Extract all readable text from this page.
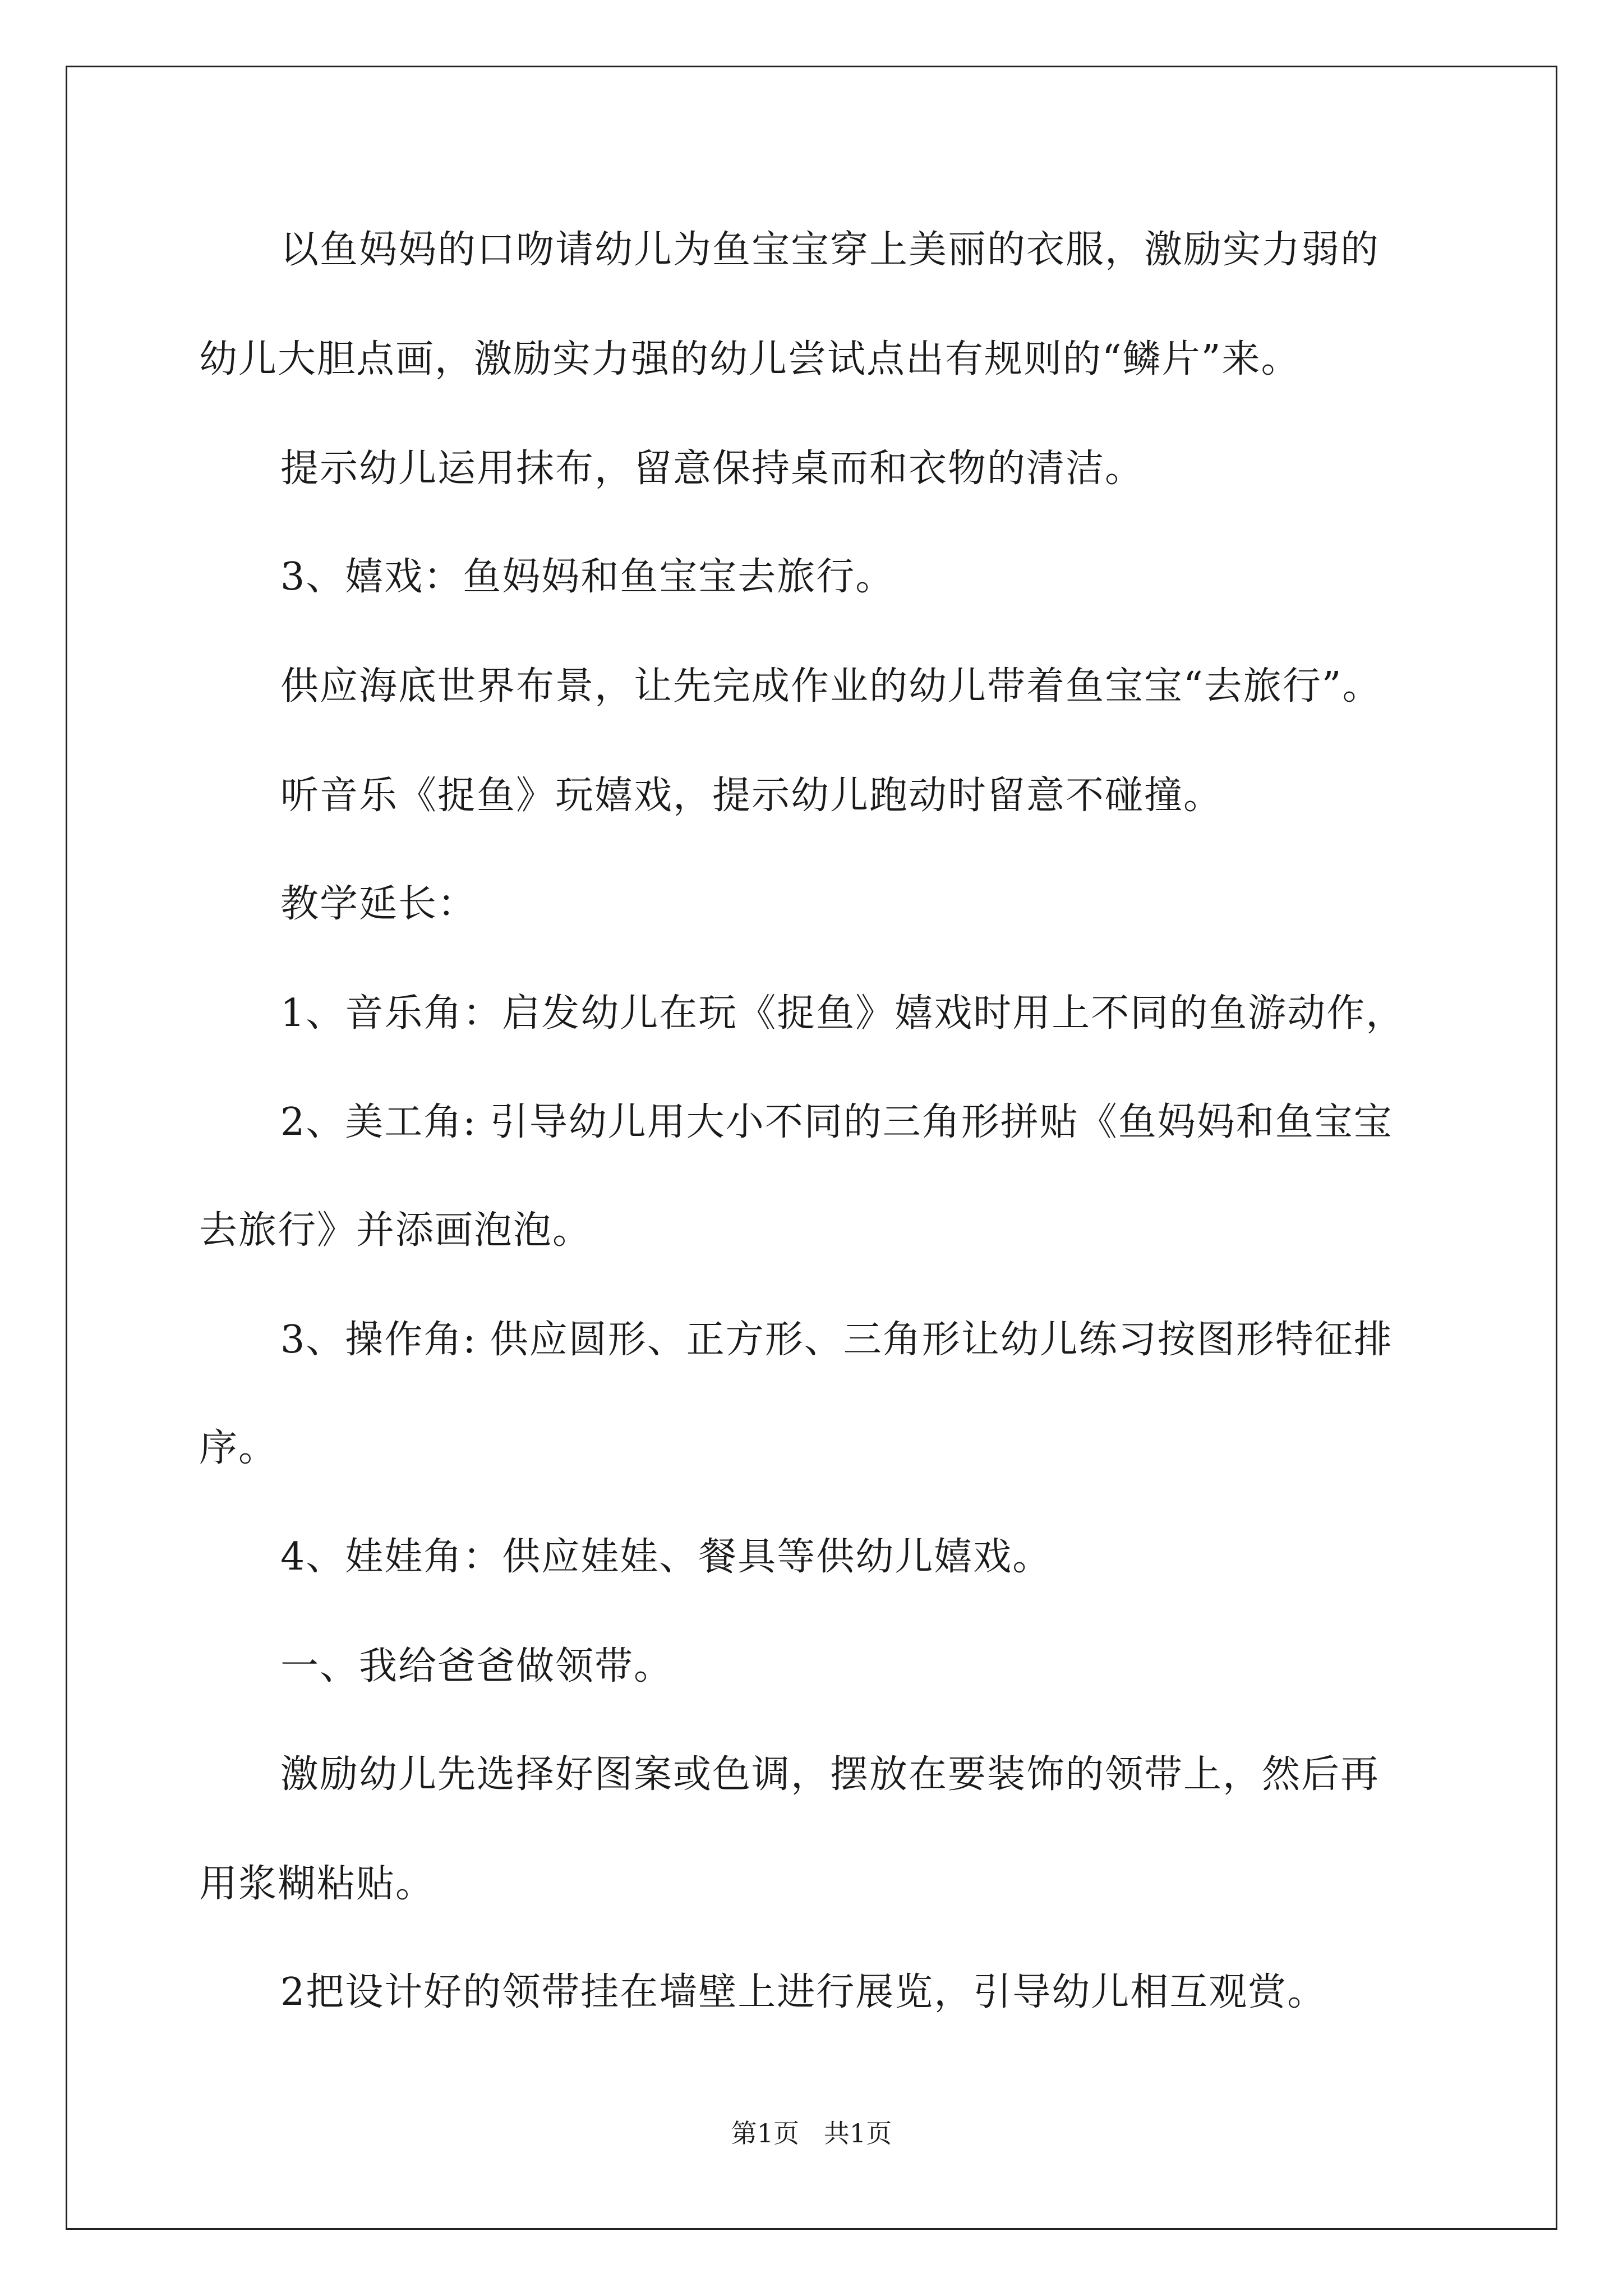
以鱼妈妈的口吻请幼儿为鱼宝宝穿上美丽的衣服，激励实力弱的
幼儿大胆点画，激励实力强的幼儿尝试点出有规则的“鳞片”来。
提示幼儿运用抹布，留意保持桌而和衣物的清洁。
3、嬉戏：鱼妈妈和鱼宝宝去旅行。
供应海底世界布景，让先完成作业的幼儿带着鱼宝宝“去旅行”。
听音乐《捉鱼》玩嬉戏，提示幼儿跑动时留意不碰撞。
教学延长：
1、音乐角：启发幼儿在玩《捉鱼》嬉戏时用上不同的鱼游动作，
2、美工角: 引导幼儿用大小不同的三角形拼贴《鱼妈妈和鱼宝宝
去旅行》并添画泡泡。
3、操作角: 供应圆形、正方形、三角形让幼儿练习按图形特征排
序。
4、娃娃角：供应娃娃、餐具等供幼儿嬉戏。
一、我给爸爸做领带。
激励幼儿先选择好图案或色调，摆放在要装饰的领带上，然后再
用浆糊粘贴。
2把设计好的领带挂在墙壁上进行展览，引导幼儿相互观赏。
第1页   共1页
